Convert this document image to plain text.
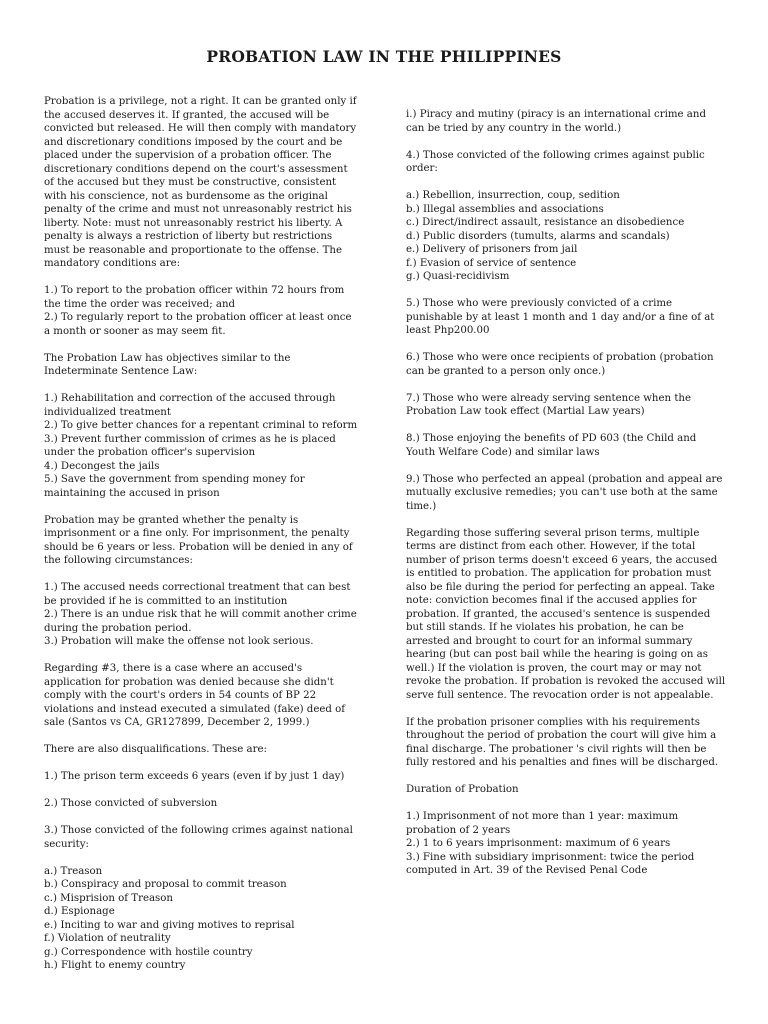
PROBATION LAW IN THE PHILIPPINES

Probation is a privilege, not a right. It can be granted only if the accused deserves it. If granted, the accused will be convicted but released. He will then comply with mandatory and discretionary conditions imposed by the court and be placed under the supervision of a probation officer. The discretionary conditions depend on the court's assessment of the accused but they must be constructive, consistent with his conscience, not as burdensome as the original penalty of the crime and must not unreasonably restrict his liberty. Note: must not unreasonably restrict his liberty. A penalty is always a restriction of liberty but restrictions must be reasonable and proportionate to the offense. The mandatory conditions are:

1.) To report to the probation officer within 72 hours from the time the order was received; and

2.) To regularly report to the probation officer at least once a month or sooner as may seem fit.

The Probation Law has objectives similar to the Indeterminate Sentence Law:

1.) Rehabilitation and correction of the accused through individualized treatment

2.) To give better chances for a repentant criminal to reform

3.) Prevent further commission of crimes as he is placed under the probation officer's supervision

4.) Decongest the jails

5.) Save the government from spending money for maintaining the accused in prison

Probation may be granted whether the penalty is imprisonment or a fine only. For imprisonment, the penalty should be 6 years or less. Probation will be denied in any of the following circumstances:

1.) The accused needs correctional treatment that can best be provided if he is committed to an institution

2.) There is an undue risk that he will commit another crime during the probation period.

3.) Probation will make the offense not look serious.

Regarding #3, there is a case where an accused's application for probation was denied because she didn't comply with the court's orders in 54 counts of BP 22 violations and instead executed a simulated (fake) deed of sale (Santos vs CA, GR127899, December 2, 1999.)

There are also disqualifications. These are:

1.) The prison term exceeds 6 years (even if by just 1 day)

2.) Those convicted of subversion

3.) Those convicted of the following crimes against national security:

a.) Treason

b.) Conspiracy and proposal to commit treason

c.) Misprision of Treason

d.) Espionage

e.) Inciting to war and giving motives to reprisal

f.) Violation of neutrality

g.) Correspondence with hostile country

h.) Flight to enemy country

i.) Piracy and mutiny (piracy is an international crime and can be tried by any country in the world.)

4.) Those convicted of the following crimes against public order:

a.) Rebellion, insurrection, coup, sedition

b.) Illegal assemblies and associations

c.) Direct/indirect assault, resistance an disobedience

d.) Public disorders (tumults, alarms and scandals)

e.) Delivery of prisoners from jail

f.) Evasion of service of sentence

g.) Quasi-recidivism

5.) Those who were previously convicted of a crime punishable by at least 1 month and 1 day and/or a fine of at least Php200.00

6.) Those who were once recipients of probation (probation can be granted to a person only once.)

7.) Those who were already serving sentence when the Probation Law took effect (Martial Law years)

8.) Those enjoying the benefits of PD 603 (the Child and Youth Welfare Code) and similar laws

9.) Those who perfected an appeal (probation and appeal are mutually exclusive remedies; you can't use both at the same time.)

Regarding those suffering several prison terms, multiple terms are distinct from each other. However, if the total number of prison terms doesn't exceed 6 years, the accused is entitled to probation. The application for probation must also be file during the period for perfecting an appeal. Take note: conviction becomes final if the accused applies for probation. If granted, the accused's sentence is suspended but still stands. If he violates his probation, he can be arrested and brought to court for an informal summary hearing (but can post bail while the hearing is going on as well.) If the violation is proven, the court may or may not revoke the probation. If probation is revoked the accused will serve full sentence. The revocation order is not appealable.

If the probation prisoner complies with his requirements throughout the period of probation the court will give him a final discharge. The probationer 's civil rights will then be fully restored and his penalties and fines will be discharged.

Duration of Probation

1.) Imprisonment of not more than 1 year: maximum probation of 2 years

2.) 1 to 6 years imprisonment: maximum of 6 years

3.) Fine with subsidiary imprisonment: twice the period computed in Art. 39 of the Revised Penal Code
